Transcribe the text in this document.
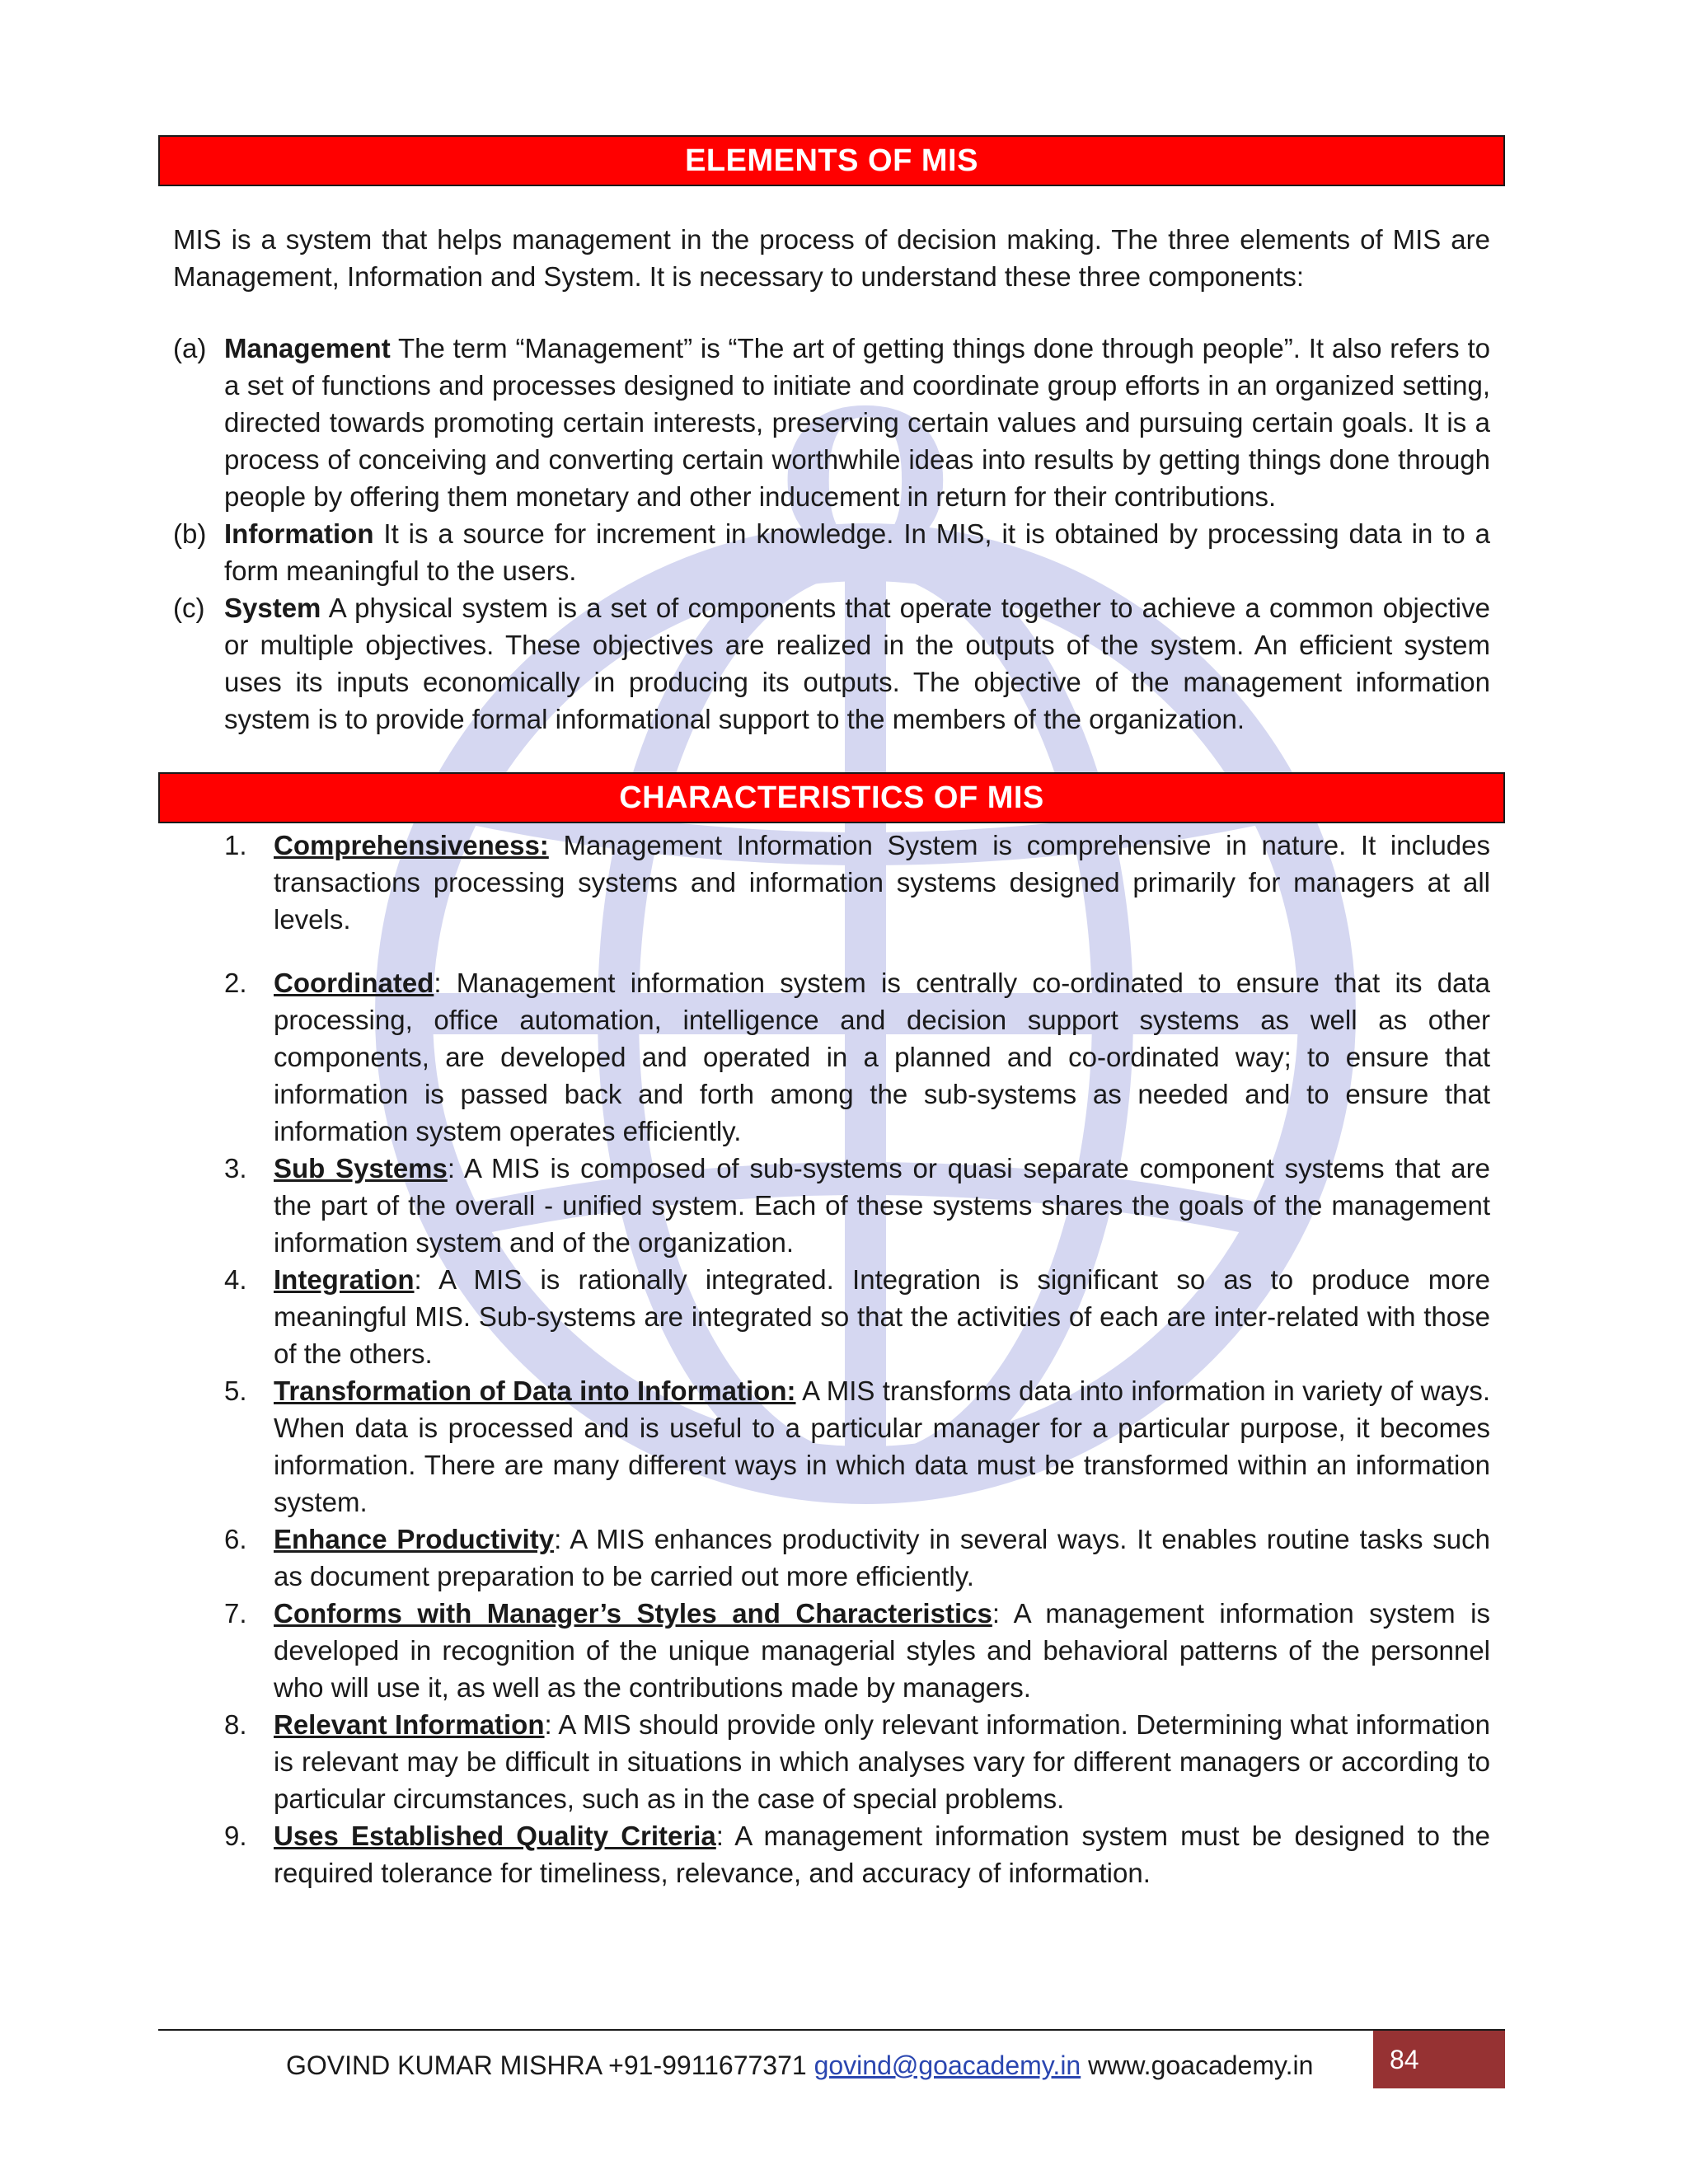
O
ELEMENTS OF MIS
MIS is a system that helps management in the process of decision making. The three elements of MIS are Management, Information and System. It is necessary to understand these three components:
(a) Management The term “Management” is “The art of getting things done through people”. It also refers to a set of functions and processes designed to initiate and coordinate group efforts in an organized setting, directed towards promoting certain interests, preserving certain values and pursuing certain goals. It is a process of conceiving and converting certain worthwhile ideas into results by getting things done through people by offering them monetary and other inducement in return for their contributions.
(b) Information It is a source for increment in knowledge. In MIS, it is obtained by processing data in to a form meaningful to the users.
(c) System A physical system is a set of components that operate together to achieve a common objective or multiple objectives. These objectives are realized in the outputs of the system. An efficient system uses its inputs economically in producing its outputs. The objective of the management information system is to provide formal informational support to the members of the organization.
CHARACTERISTICS OF MIS
1. Comprehensiveness: Management Information System is comprehensive in nature. It includes transactions processing systems and information systems designed primarily for managers at all levels.
2. Coordinated: Management information system is centrally co-ordinated to ensure that its data processing, office automation, intelligence and decision support systems as well as other components, are developed and operated in a planned and co-ordinated way; to ensure that information is passed back and forth among the sub-systems as needed and to ensure that information system operates efficiently.
3. Sub Systems: A MIS is composed of sub-systems or quasi separate component systems that are the part of the overall - unified system. Each of these systems shares the goals of the management information system and of the organization.
4. Integration: A MIS is rationally integrated. Integration is significant so as to produce more meaningful MIS. Sub-systems are integrated so that the activities of each are inter-related with those of the others.
5. Transformation of Data into Information: A MIS transforms data into information in variety of ways. When data is processed and is useful to a particular manager for a particular purpose, it becomes information. There are many different ways in which data must be transformed within an information system.
6. Enhance Productivity: A MIS enhances productivity in several ways. It enables routine tasks such as document preparation to be carried out more efficiently.
7. Conforms with Manager’s Styles and Characteristics: A management information system is developed in recognition of the unique managerial styles and behavioral patterns of the personnel who will use it, as well as the contributions made by managers.
8. Relevant Information: A MIS should provide only relevant information. Determining what information is relevant may be difficult in situations in which analyses vary for different managers or according to particular circumstances, such as in the case of special problems.
9. Uses Established Quality Criteria: A management information system must be designed to the required tolerance for timeliness, relevance, and accuracy of information.
GOVIND KUMAR MISHRA +91-9911677371 govind@goacademy.in www.goacademy.in	84
